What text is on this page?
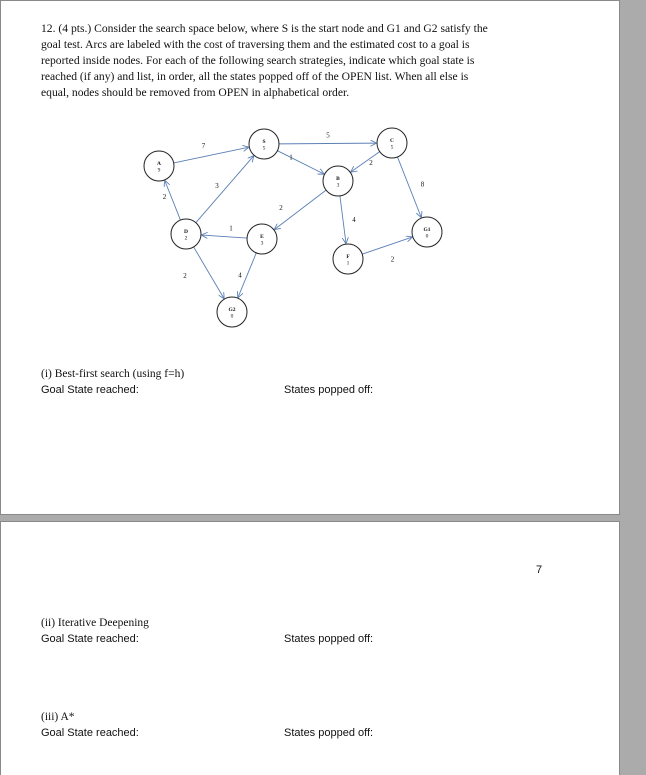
12. (4 pts.) Consider the search space below, where S is the start node and G1 and G2 satisfy the
goal test. Arcs are labeled with the cost of traversing them and the estimated cost to a goal is
reported inside nodes. For each of the following search strategies, indicate which goal state is
reached (if any) and list, in order, all the states popped off of the OPEN list. When all else is
equal, nodes should be removed from OPEN in alphabetical order.
2
7
3
5
1
2
8
2
4
2
1
4
2
A
9
S
5
C
5
B
3
D
2	E
3
G1
0
F
1
G2
0
(i) Best-first search (using f=h)
Goal State reached:	States popped off:
7
(ii) Iterative Deepening
Goal State reached:	States popped off:
(iii) A*
Goal State reached:	States popped off:
